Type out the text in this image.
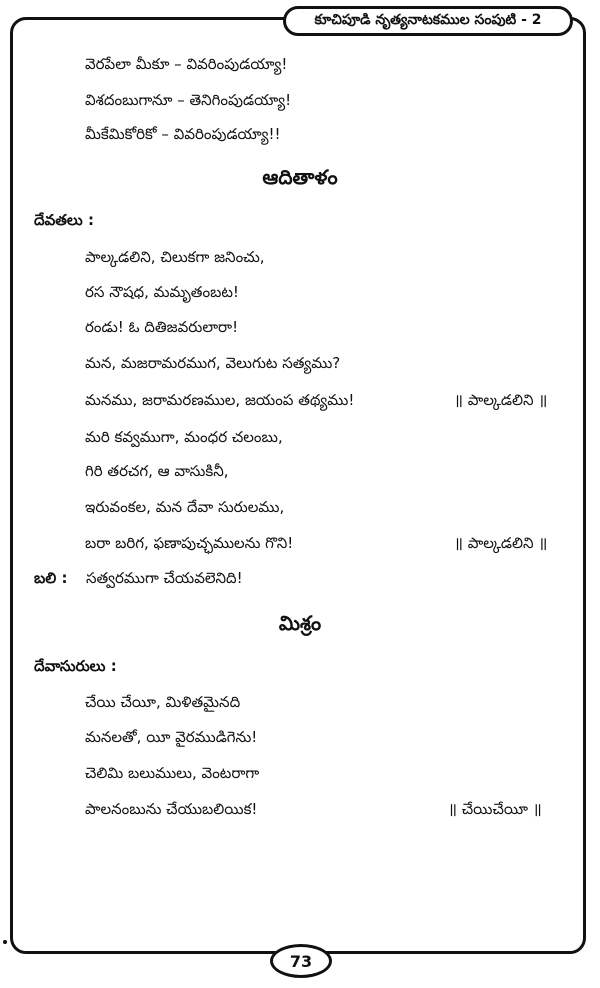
కూచిపూడి నృత్యనాటకముల సంపుటి - 2
వెరపేలా మీకూ – వివరింపుడయ్యా!
విశదంబుగానూ – తెనిగింపుడయ్యా!
మీకేమికోరికో – వివరింపుడయ్యా!!
ఆదితాళం
దేవతలు :
పాల్కడలిని, చిలుకగా జనించు,
రస నౌషధ, మమృతంబట!
రండు! ఓ దితిజవరులారా!
మన, మజరామరముగ, వెలుగుట సత్యము?
మనము, జరామరణముల, జయంప తథ్యము!	॥ పాల్కడలిని ॥
మరి కవ్వముగా, మంధర చలంబు,
గిరి తరచగ, ఆ వాసుకినీ,
ఇరువంకల, మన దేవా సురులము,
బరా బరిగ, ఫణాపుచ్ఛములను గొని!	॥ పాల్కడలిని ॥
బలి : సత్వరముగా చేయవలెనిది!
మిశ్రం
దేవాసురులు :
చేయి చేయీ, మిళితమైనది
మనలతో, యీ వైరముడిగెను!
చెలిమి బలుములు, వెంటరాగా
పాలనంబును చేయుబలియిక!	॥ చేయిచేయీ ॥
73
